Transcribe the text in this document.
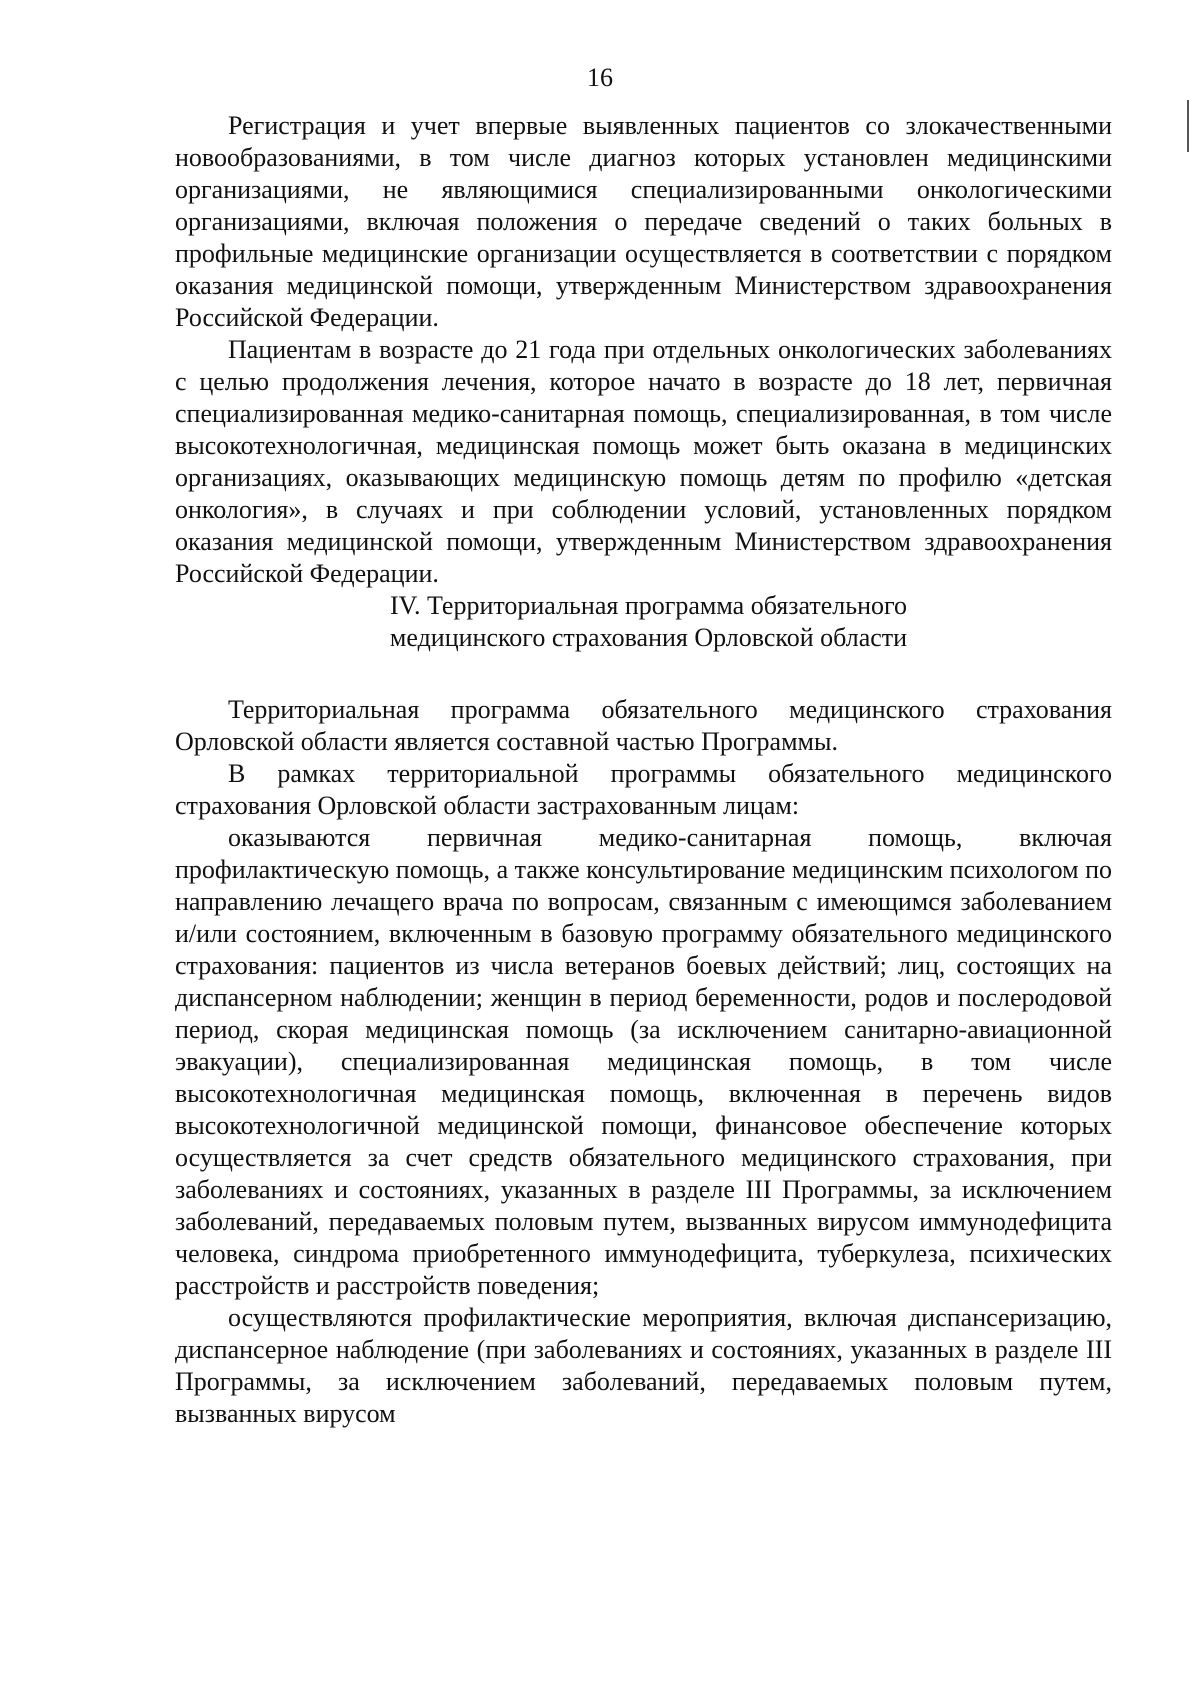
16

Регистрация и учет впервые выявленных пациентов со злокачественными новообразованиями, в том числе диагноз которых установлен медицинскими организациями, не являющимися специализированными онкологическими организациями, включая положения о передаче сведений о таких больных в профильные медицинские организации осуществляется в соответствии с порядком оказания медицинской помощи, утвержденным Министерством здравоохранения Российской Федерации.

Пациентам в возрасте до 21 года при отдельных онкологических заболеваниях с целью продолжения лечения, которое начато в возрасте до 18 лет, первичная специализированная медико-санитарная помощь, специализированная, в том числе высокотехнологичная, медицинская помощь может быть оказана в медицинских организациях, оказывающих медицинскую помощь детям по профилю «детская онкология», в случаях и при соблюдении условий, установленных порядком оказания медицинской помощи, утвержденным Министерством здравоохранения Российской Федерации.

IV. Территориальная программа обязательного
медицинского страхования Орловской области

Территориальная программа обязательного медицинского страхования Орловской области является составной частью Программы.

В рамках территориальной программы обязательного медицинского страхования Орловской области застрахованным лицам:

оказываются первичная медико-санитарная помощь, включая профилактическую помощь, а также консультирование медицинским психологом по направлению лечащего врача по вопросам, связанным с имеющимся заболеванием и/или состоянием, включенным в базовую программу обязательного медицинского страхования: пациентов из числа ветеранов боевых действий; лиц, состоящих на диспансерном наблюдении; женщин в период беременности, родов и послеродовой период, скорая медицинская помощь (за исключением санитарно-авиационной эвакуации), специализированная медицинская помощь, в том числе высокотехнологичная медицинская помощь, включенная в перечень видов высокотехнологичной медицинской помощи, финансовое обеспечение которых осуществляется за счет средств обязательного медицинского страхования, при заболеваниях и состояниях, указанных в разделе III Программы, за исключением заболеваний, передаваемых половым путем, вызванных вирусом иммунодефицита человека, синдрома приобретенного иммунодефицита, туберкулеза, психических расстройств и расстройств поведения;

осуществляются профилактические мероприятия, включая диспансеризацию, диспансерное наблюдение (при заболеваниях и состояниях, указанных в разделе III Программы, за исключением заболеваний, передаваемых половым путем, вызванных вирусом
